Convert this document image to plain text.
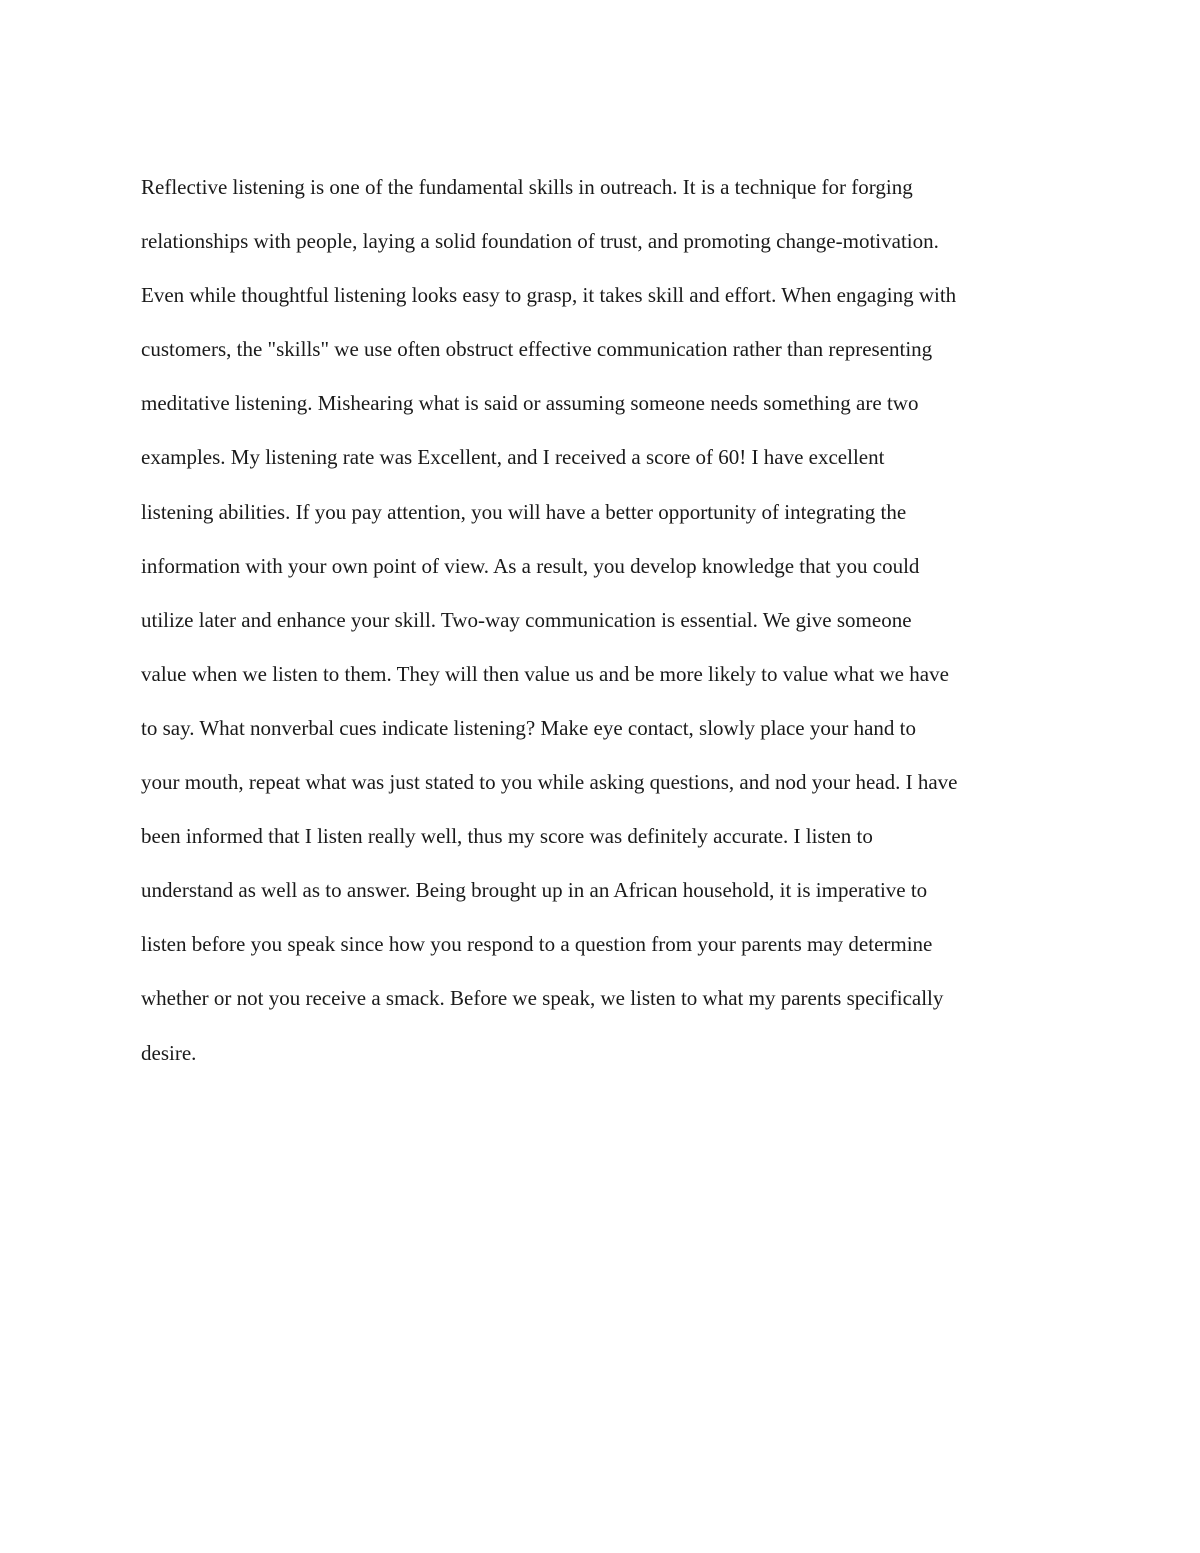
Reflective listening is one of the fundamental skills in outreach. It is a technique for forging
relationships with people, laying a solid foundation of trust, and promoting change-motivation.
Even while thoughtful listening looks easy to grasp, it takes skill and effort. When engaging with
customers, the "skills" we use often obstruct effective communication rather than representing
meditative listening. Mishearing what is said or assuming someone needs something are two
examples. My listening rate was Excellent, and I received a score of 60! I have excellent
listening abilities. If you pay attention, you will have a better opportunity of integrating the
information with your own point of view. As a result, you develop knowledge that you could
utilize later and enhance your skill. Two-way communication is essential. We give someone
value when we listen to them. They will then value us and be more likely to value what we have
to say. What nonverbal cues indicate listening? Make eye contact, slowly place your hand to
your mouth, repeat what was just stated to you while asking questions, and nod your head. I have
been informed that I listen really well, thus my score was definitely accurate. I listen to
understand as well as to answer. Being brought up in an African household, it is imperative to
listen before you speak since how you respond to a question from your parents may determine
whether or not you receive a smack. Before we speak, we listen to what my parents specifically
desire.
